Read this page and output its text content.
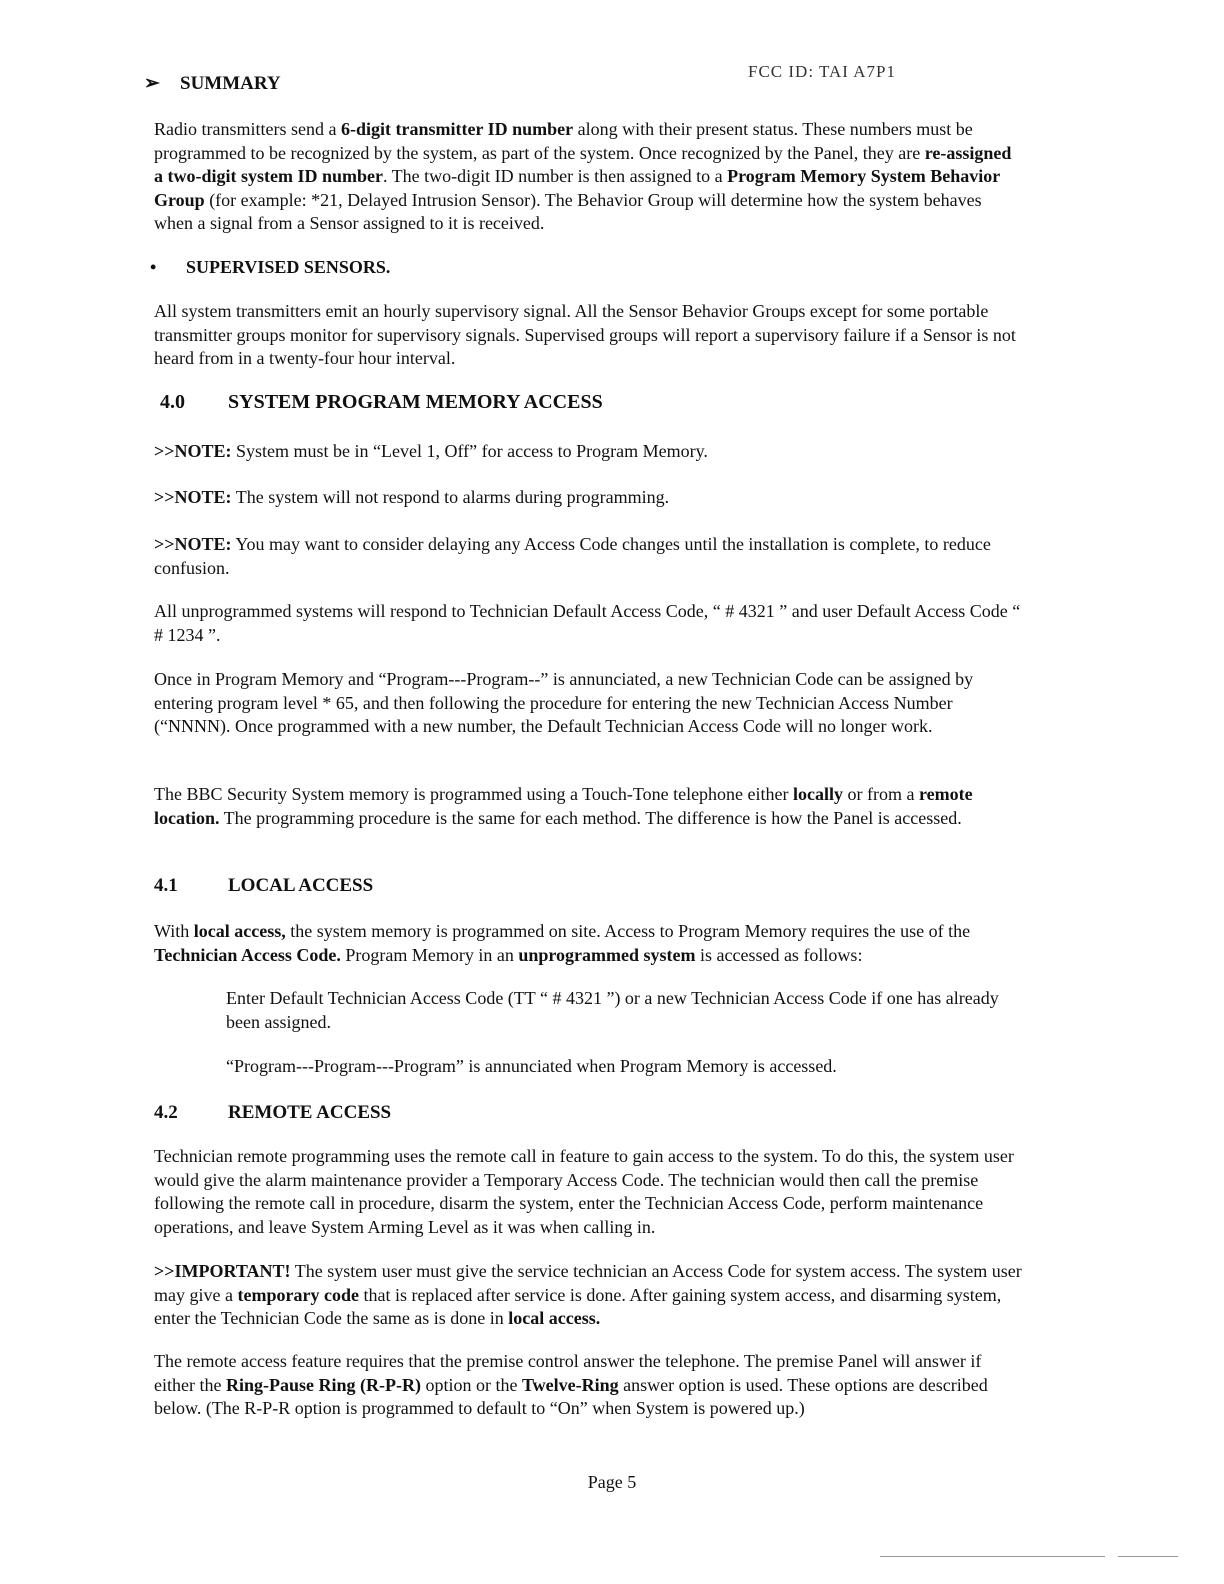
FCC ID: TAI A7P1
➢ SUMMARY
Radio transmitters send a 6-digit transmitter ID number along with their present status. These numbers must be programmed to be recognized by the system, as part of the system. Once recognized by the Panel, they are re-assigned a two-digit system ID number. The two-digit ID number is then assigned to a Program Memory System Behavior Group (for example: *21, Delayed Intrusion Sensor). The Behavior Group will determine how the system behaves when a signal from a Sensor assigned to it is received.
• SUPERVISED SENSORS.
All system transmitters emit an hourly supervisory signal. All the Sensor Behavior Groups except for some portable transmitter groups monitor for supervisory signals. Supervised groups will report a supervisory failure if a Sensor is not heard from in a twenty-four hour interval.
4.0 SYSTEM PROGRAM MEMORY ACCESS
>>NOTE: System must be in “Level 1, Off” for access to Program Memory.
>>NOTE: The system will not respond to alarms during programming.
>>NOTE: You may want to consider delaying any Access Code changes until the installation is complete, to reduce confusion.
All unprogrammed systems will respond to Technician Default Access Code, “ # 4321 ” and user Default Access Code “ # 1234 ”.
Once in Program Memory and “Program---Program--” is annunciated, a new Technician Code can be assigned by entering program level * 65, and then following the procedure for entering the new Technician Access Number (“NNNN). Once programmed with a new number, the Default Technician Access Code will no longer work.
The BBC Security System memory is programmed using a Touch-Tone telephone either locally or from a remote location. The programming procedure is the same for each method. The difference is how the Panel is accessed.
4.1	LOCAL ACCESS
With local access, the system memory is programmed on site. Access to Program Memory requires the use of the Technician Access Code. Program Memory in an unprogrammed system is accessed as follows:
Enter Default Technician Access Code (TT “ # 4321 ”) or a new Technician Access Code if one has already been assigned.
“Program---Program---Program” is annunciated when Program Memory is accessed.
4.2	REMOTE ACCESS
Technician remote programming uses the remote call in feature to gain access to the system. To do this, the system user would give the alarm maintenance provider a Temporary Access Code. The technician would then call the premise following the remote call in procedure, disarm the system, enter the Technician Access Code, perform maintenance operations, and leave System Arming Level as it was when calling in.
>>IMPORTANT! The system user must give the service technician an Access Code for system access. The system user may give a temporary code that is replaced after service is done. After gaining system access, and disarming system, enter the Technician Code the same as is done in local access.
The remote access feature requires that the premise control answer the telephone. The premise Panel will answer if either the Ring-Pause Ring (R-P-R) option or the Twelve-Ring answer option is used. These options are described below. (The R-P-R option is programmed to default to “On” when System is powered up.)
Page 5
